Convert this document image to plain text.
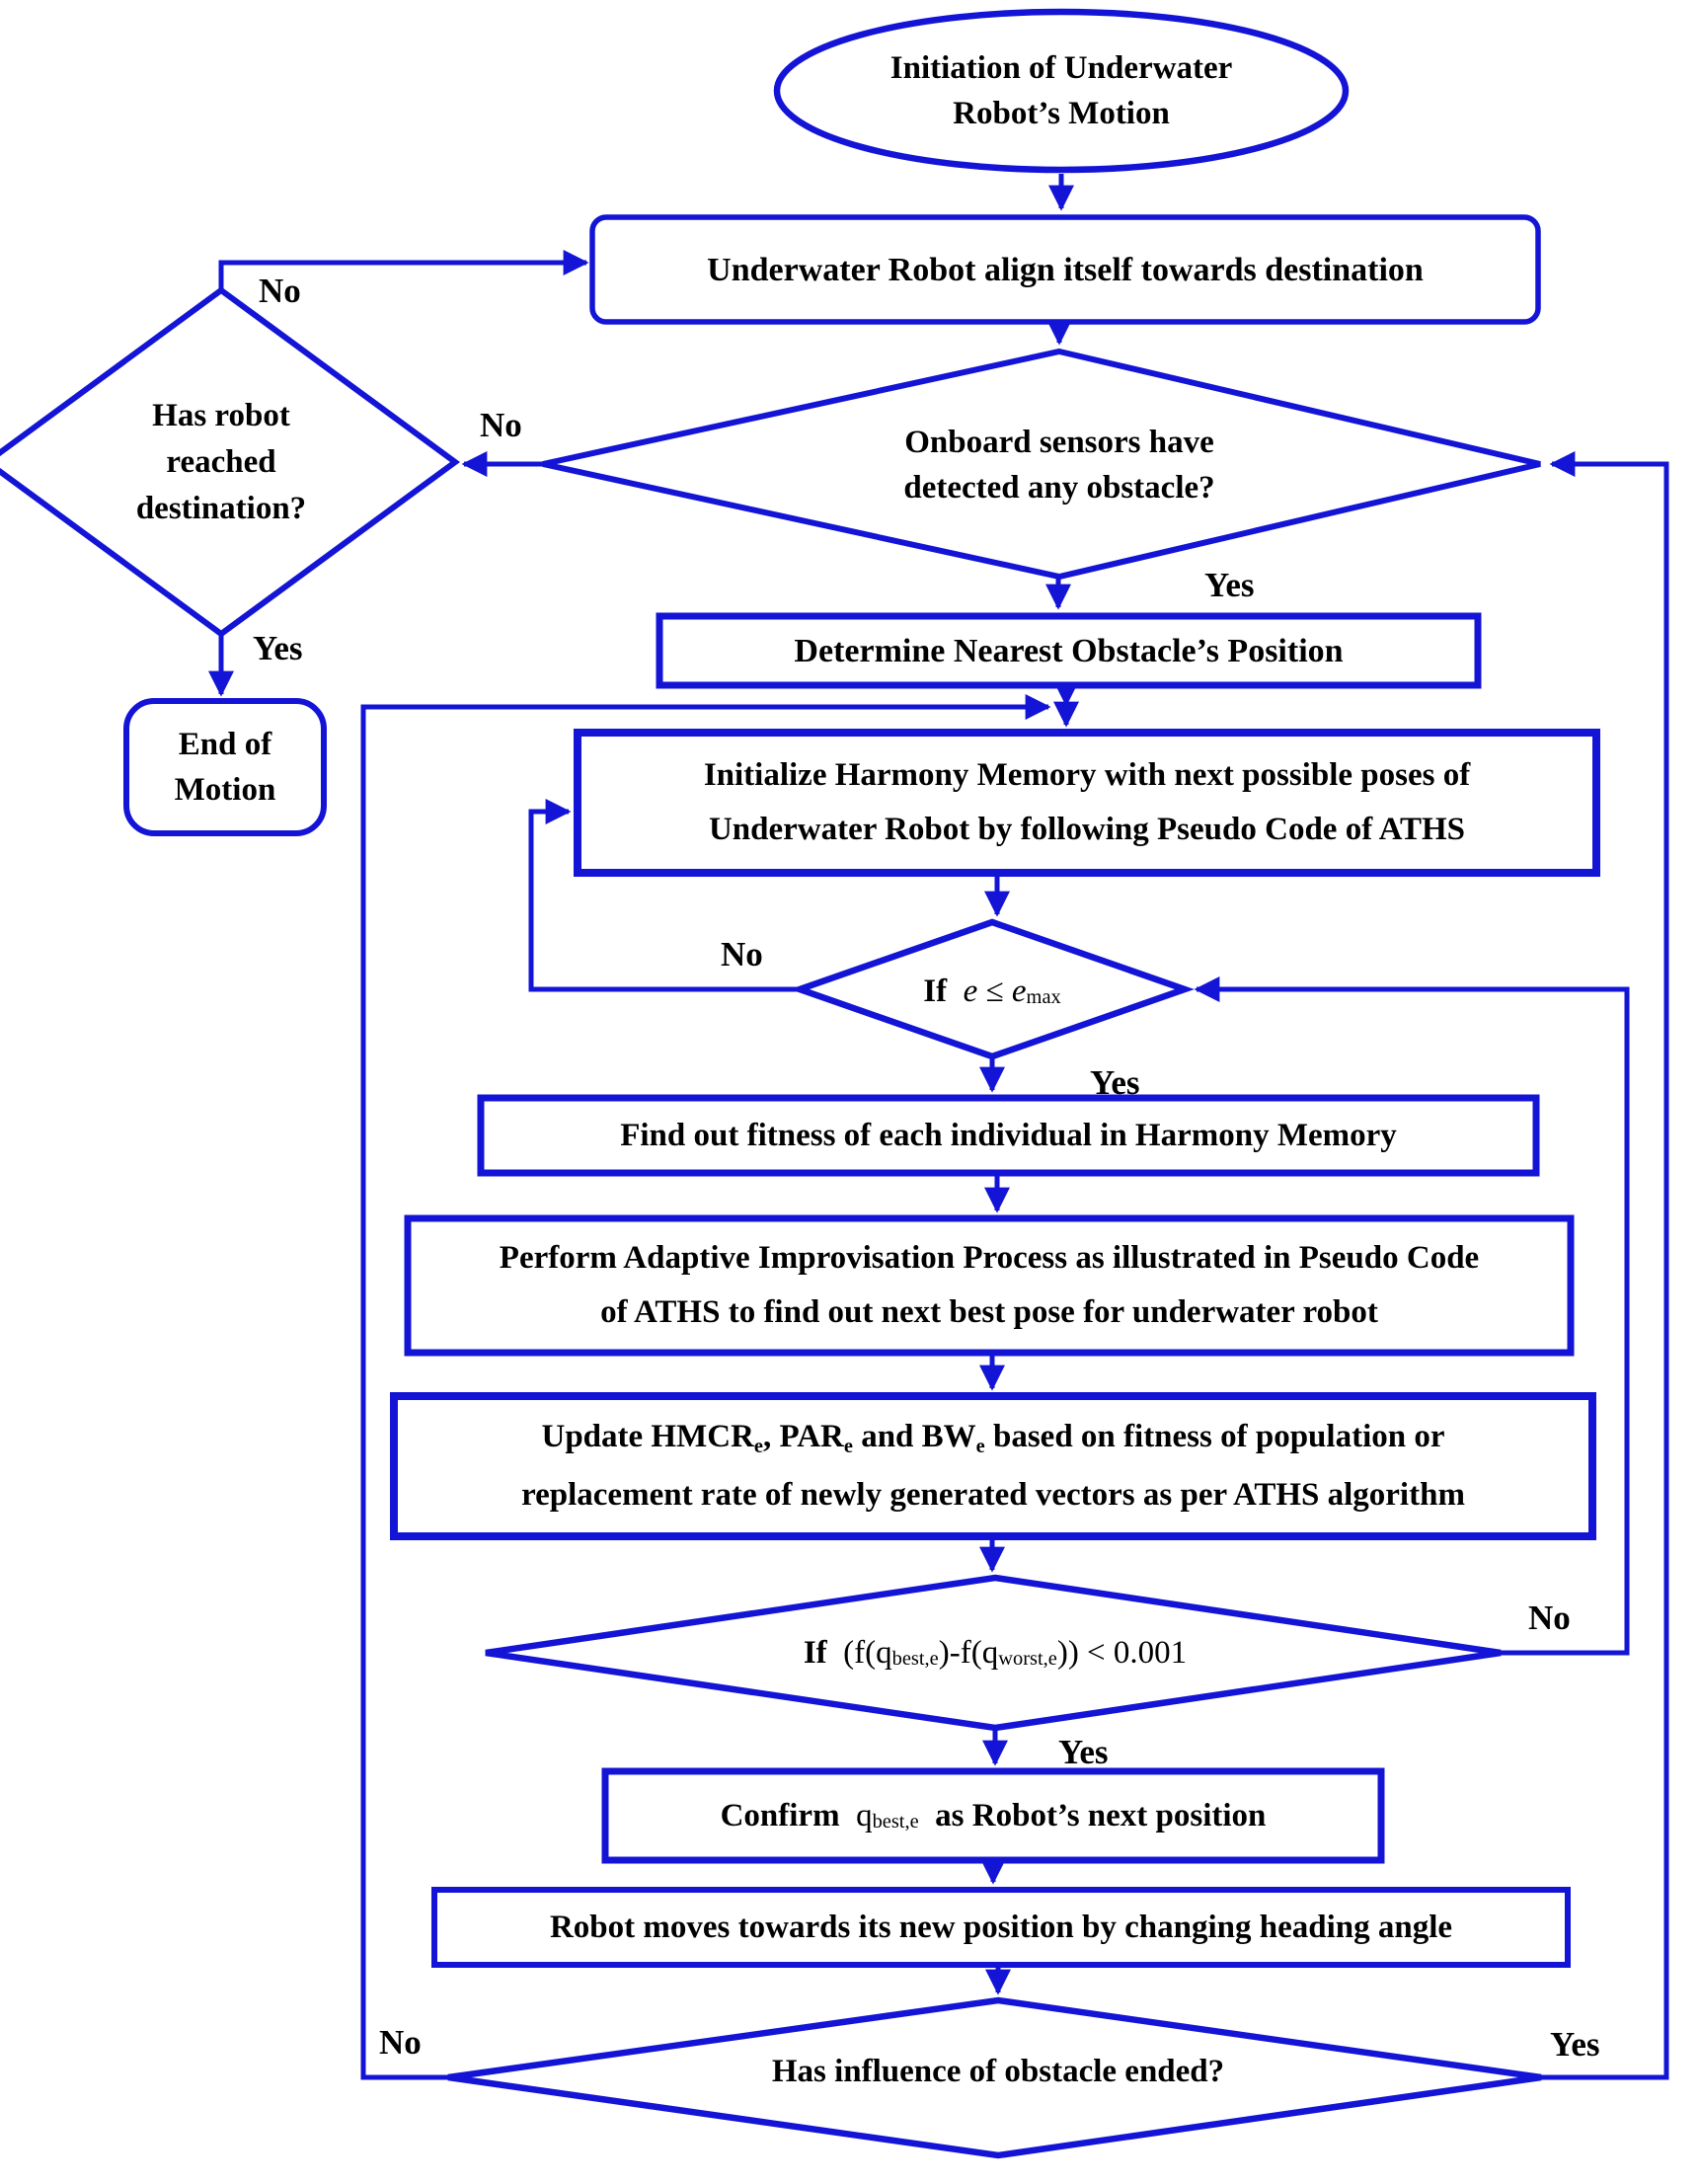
Initiation of Underwater
Robot’s Motion
Underwater Robot align itself towards destination
Onboard sensors have
detected any obstacle?
Has robot
reached
destination?
End of
Motion
Determine Nearest Obstacle’s Position
Initialize Harmony Memory with next possible poses of
Underwater Robot by following Pseudo Code of ATHS
If e ≤ e max
Find out fitness of each individual in Harmony Memory
Perform Adaptive Improvisation Process as illustrated in Pseudo Code
of ATHS to find out next best pose for underwater robot
Update HMCRe, PARe and BWe based on fitness of population or
replacement rate of newly generated vectors as per ATHS algorithm
If (f(q best,e )-f(q worst,e )) < 0.001
Confirm q best,e as Robot’s next position
Robot moves towards its new position by changing heading angle
Has influence of obstacle ended?
No
Yes
No
Yes
No
Yes
No
Yes
No	Yes
